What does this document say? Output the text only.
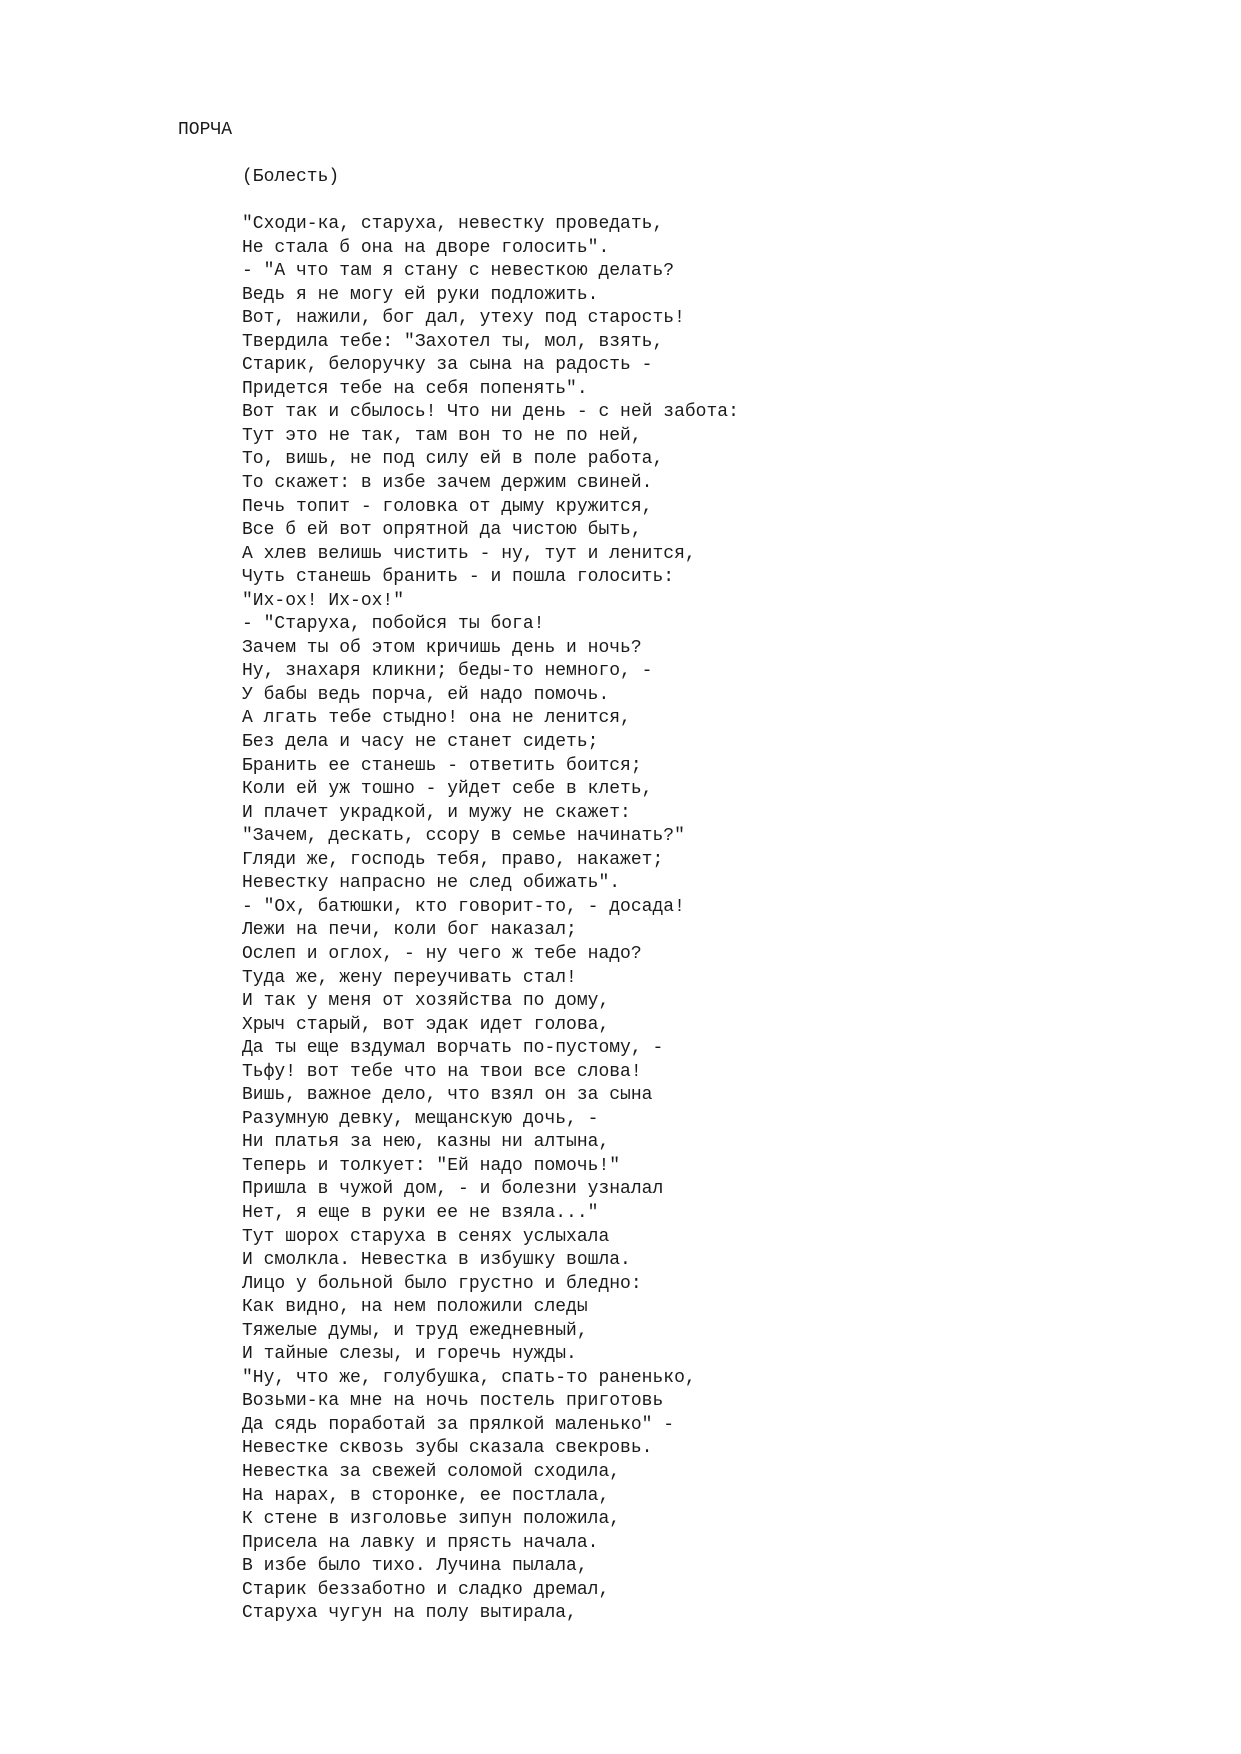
ПОРЧА
(Болесть)
"Сходи-ка, старуха, невестку проведать,
Не стала б она на дворе голосить".
- "А что там я стану с невесткою делать?
Ведь я не могу ей руки подложить.
Вот, нажили, бог дал, утеху под старость!
Твердила тебе: "Захотел ты, мол, взять,
Старик, белоручку за сына на радость -
Придется тебе на себя попенять".
Вот так и сбылось! Что ни день - с ней забота:
Тут это не так, там вон то не по ней,
То, вишь, не под силу ей в поле работа,
То скажет: в избе зачем держим свиней.
Печь топит - головка от дыму кружится,
Все б ей вот опрятной да чистою быть,
А хлев велишь чистить - ну, тут и ленится,
Чуть станешь бранить - и пошла голосить:
"Их-ох! Их-ох!"
- "Старуха, побойся ты бога!
Зачем ты об этом кричишь день и ночь?
Ну, знахаря кликни; беды-то немного, -
У бабы ведь порча, ей надо помочь.
А лгать тебе стыдно! она не ленится,
Без дела и часу не станет сидеть;
Бранить ее станешь - ответить боится;
Коли ей уж тошно - уйдет себе в клеть,
И плачет украдкой, и мужу не скажет:
"Зачем, дескать, ссору в семье начинать?"
Гляди же, господь тебя, право, накажет;
Невестку напрасно не след обижать".
- "Ох, батюшки, кто говорит-то, - досада!
Лежи на печи, коли бог наказал;
Ослеп и оглох, - ну чего ж тебе надо?
Туда же, жену переучивать стал!
И так у меня от хозяйства по дому,
Хрыч старый, вот эдак идет голова,
Да ты еще вздумал ворчать по-пустому, -
Тьфу! вот тебе что на твои все слова!
Вишь, важное дело, что взял он за сына
Разумную девку, мещанскую дочь, -
Ни платья за нею, казны ни алтына,
Теперь и толкует: "Ей надо помочь!"
Пришла в чужой дом, - и болезни узналал
Нет, я еще в руки ее не взяла..."
Тут шорох старуха в сенях услыхала
И смолкла. Невестка в избушку вошла.
Лицо у больной было грустно и бледно:
Как видно, на нем положили следы
Тяжелые думы, и труд ежедневный,
И тайные слезы, и горечь нужды.
"Ну, что же, голубушка, спать-то раненько,
Возьми-ка мне на ночь постель приготовь
Да сядь поработай за прялкой маленько" -
Невестке сквозь зубы сказала свекровь.
Невестка за свежей соломой сходила,
На нарах, в сторонке, ее постлала,
К стене в изголовье зипун положила,
Присела на лавку и прясть начала.
В избе было тихо. Лучина пылала,
Старик беззаботно и сладко дремал,
Старуха чугун на полу вытирала,
